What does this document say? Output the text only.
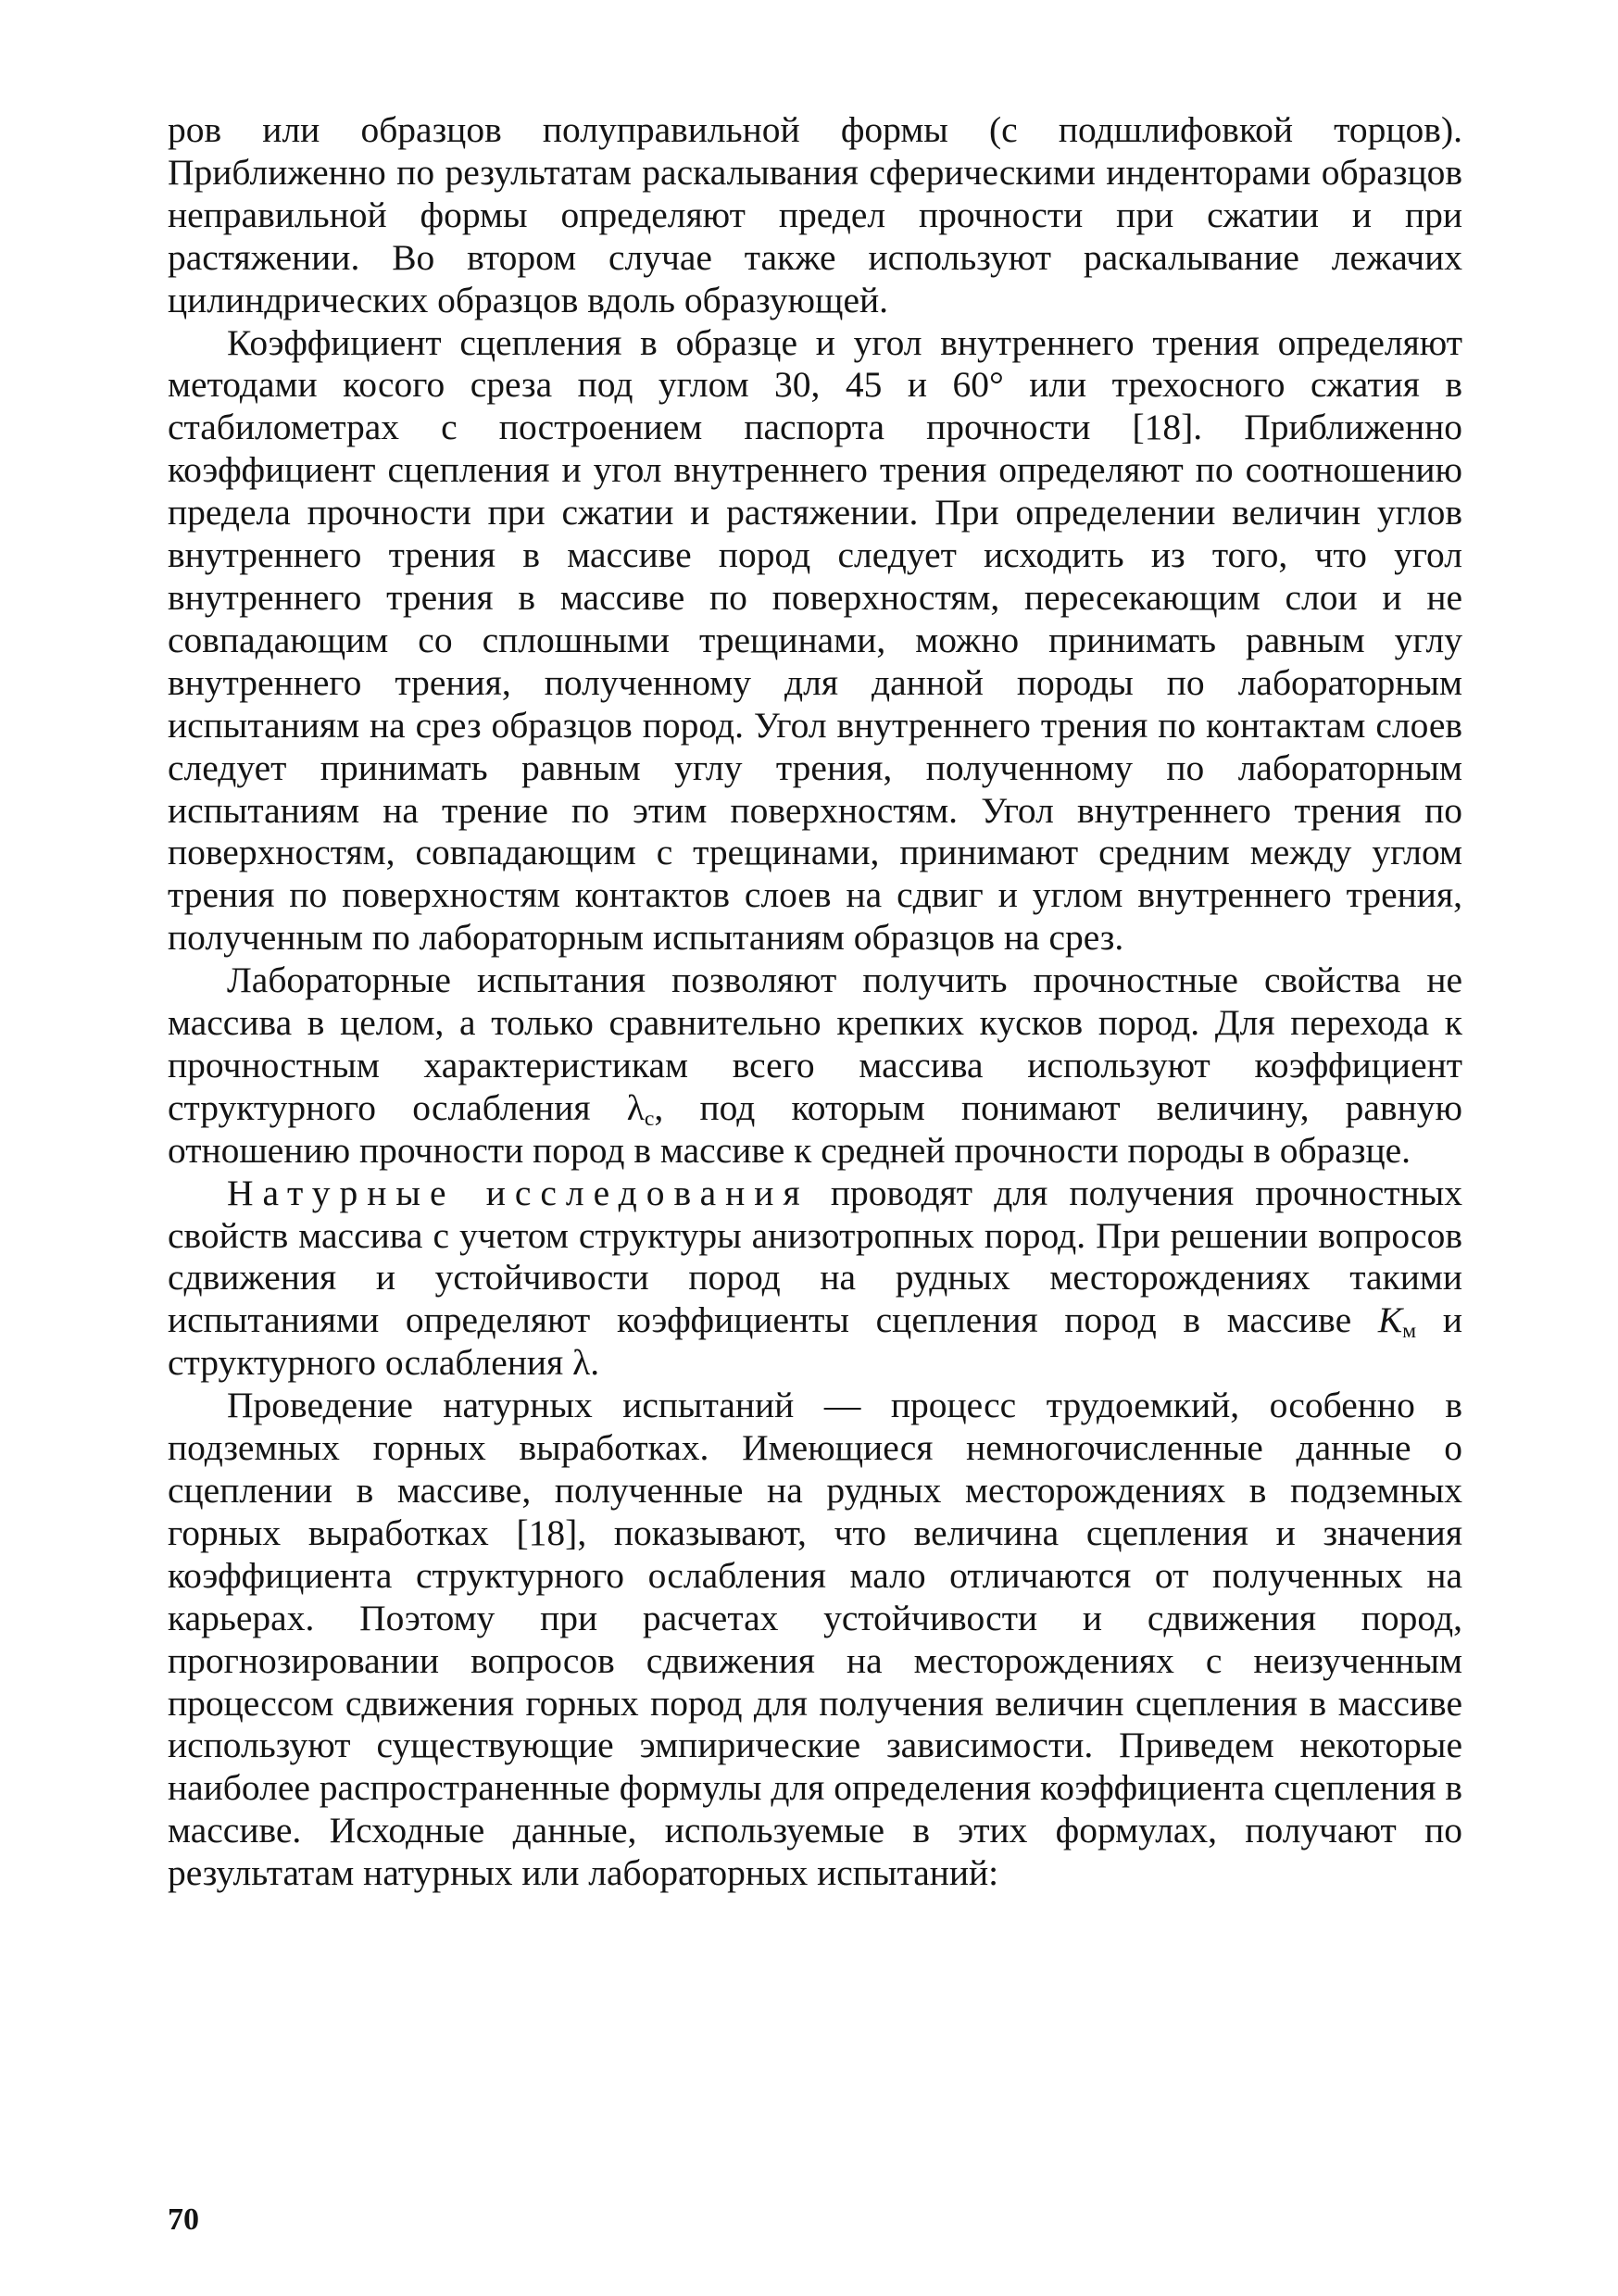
ров или образцов полуправильной формы (с подшлифовкой торцов). Приближенно по результатам раскалывания сферическими инденторами образцов неправильной формы определяют предел прочности при сжатии и при растяжении. Во втором случае также используют раскалывание лежачих цилиндрических образцов вдоль образующей.

Коэффициент сцепления в образце и угол внутреннего трения определяют методами косого среза под углом 30, 45 и 60° или трехосного сжатия в стабилометрах с построением паспорта прочности [18]. Приближенно коэффициент сцепления и угол внутреннего трения определяют по соотношению предела прочности при сжатии и растяжении. При определении величин углов внутреннего трения в массиве пород следует исходить из того, что угол внутреннего трения в массиве по поверхностям, пересекающим слои и не совпадающим со сплошными трещинами, можно принимать равным углу внутреннего трения, полученному для данной породы по лабораторным испытаниям на срез образцов пород. Угол внутреннего трения по контактам слоев следует принимать равным углу трения, полученному по лабораторным испытаниям на трение по этим поверхностям. Угол внутреннего трения по поверхностям, совпадающим с трещинами, принимают средним между углом трения по поверхностям контактов слоев на сдвиг и углом внутреннего трения, полученным по лабораторным испытаниям образцов на срез.

Лабораторные испытания позволяют получить прочностные свойства не массива в целом, а только сравнительно крепких кусков пород. Для перехода к прочностным характеристикам всего массива используют коэффициент структурного ослабления $\lambda_c$, под которым понимают величину, равную отношению прочности пород в массиве к средней прочности породы в образце.

Натурные исследования проводят для получения прочностных свойств массива с учетом структуры анизотропных пород. При решении вопросов сдвижения и устойчивости пород на рудных месторождениях такими испытаниями определяют коэффициенты сцепления пород в массиве $K_м$ и структурного ослабления λ.

Проведение натурных испытаний — процесс трудоемкий, особенно в подземных горных выработках. Имеющиеся немногочисленные данные о сцеплении в массиве, полученные на рудных месторождениях в подземных горных выработках [18], показывают, что величина сцепления и значения коэффициента структурного ослабления мало отличаются от полученных на карьерах. Поэтому при расчетах устойчивости и сдвижения пород, прогнозировании вопросов сдвижения на месторождениях с неизученным процессом сдвижения горных пород для получения величин сцепления в массиве используют существующие эмпирические зависимости. Приведем некоторые наиболее распространенные формулы для определения коэффициента сцепления в массиве. Исходные данные, используемые в этих формулах, получают по результатам натурных или лабораторных испытаний:

70
